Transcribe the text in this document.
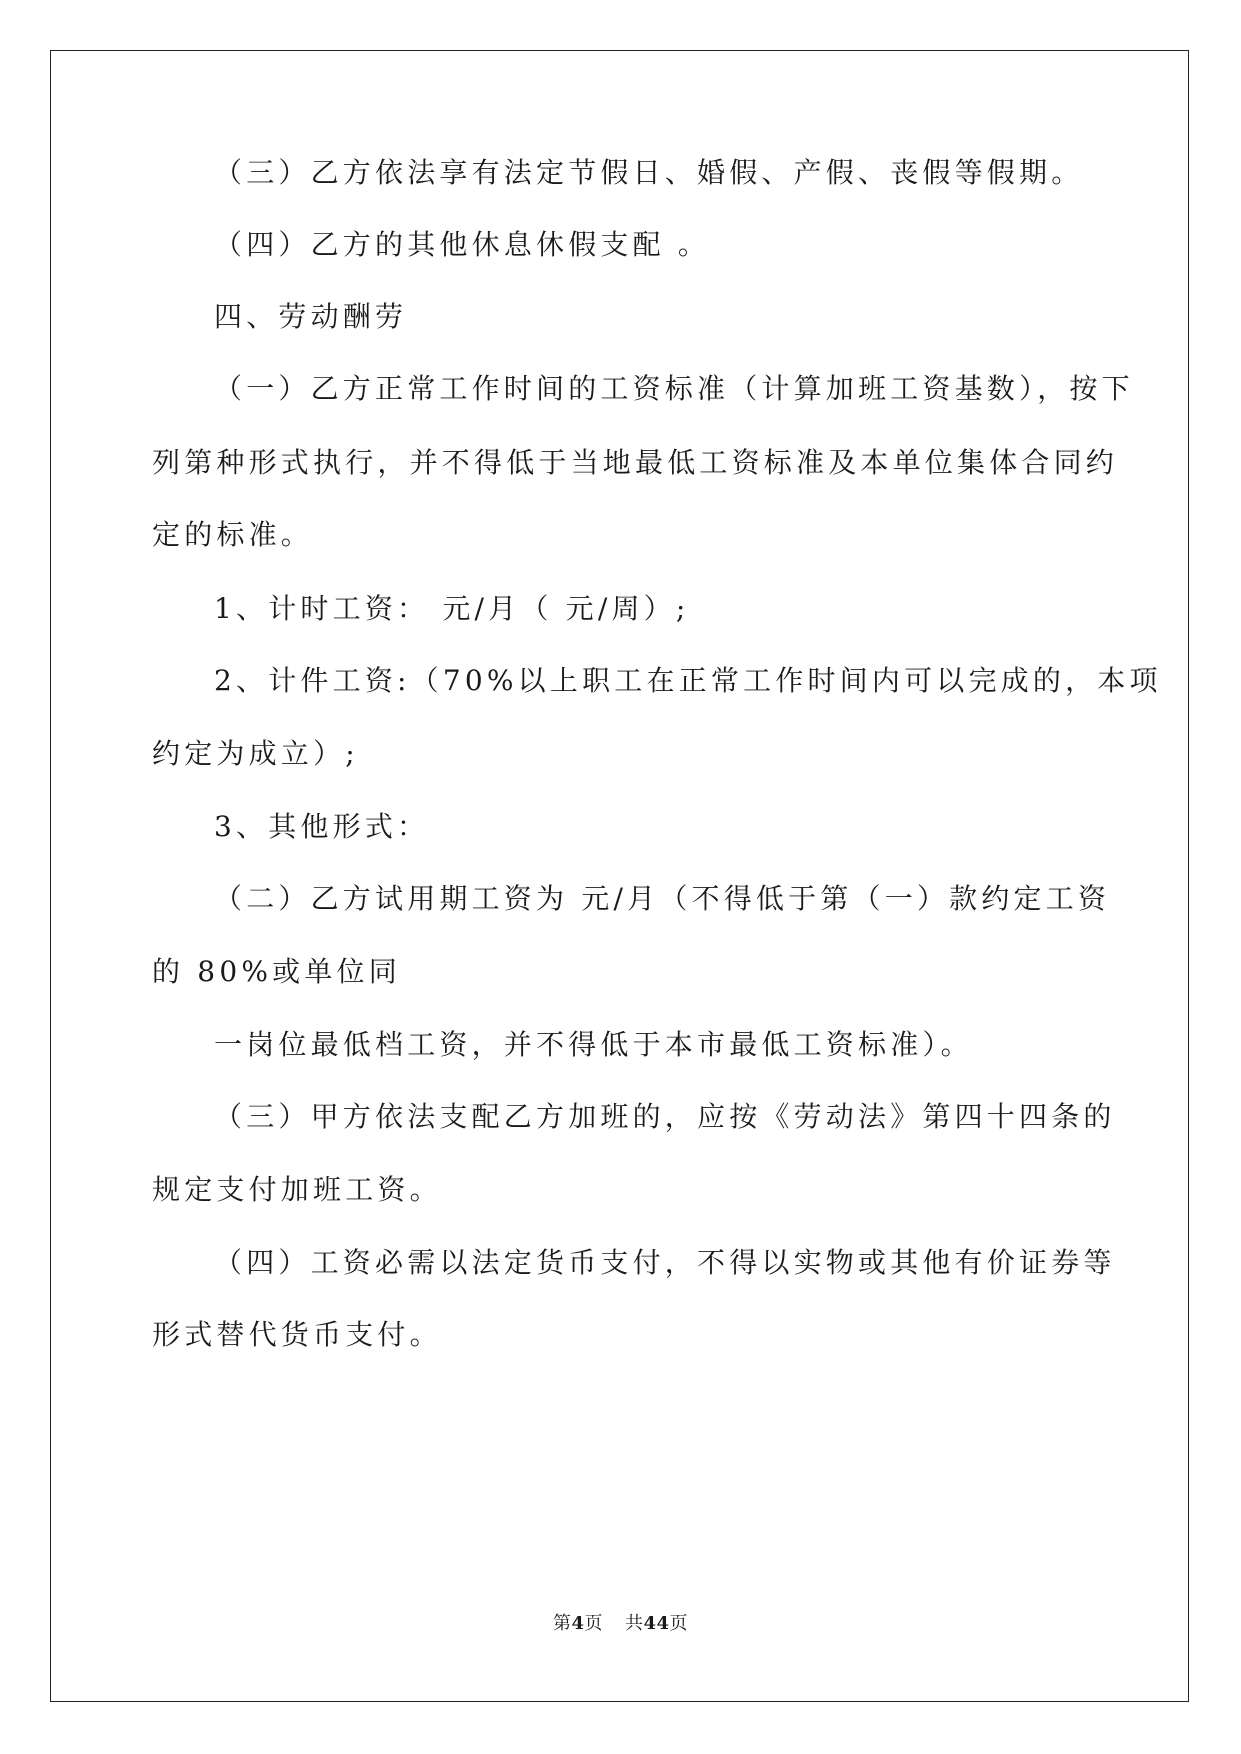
（三）乙方依法享有法定节假日、婚假、产假、丧假等假期。
（四）乙方的其他休息休假支配 。
四、劳动酬劳
（一）乙方正常工作时间的工资标准（计算加班工资基数），按下
列第种形式执行，并不得低于当地最低工资标准及本单位集体合同约
定的标准。
1、计时工资： 元/月（ 元/周）;
2、计件工资:（70%以上职工在正常工作时间内可以完成的，本项
约定为成立）;
3、其他形式：
（二）乙方试用期工资为 元/月（不得低于第（一）款约定工资
的 80%或单位同
一岗位最低档工资，并不得低于本市最低工资标准）。
（三）甲方依法支配乙方加班的，应按《劳动法》第四十四条的
规定支付加班工资。
（四）工资必需以法定货币支付，不得以实物或其他有价证券等
形式替代货币支付。
第4页 共44页
